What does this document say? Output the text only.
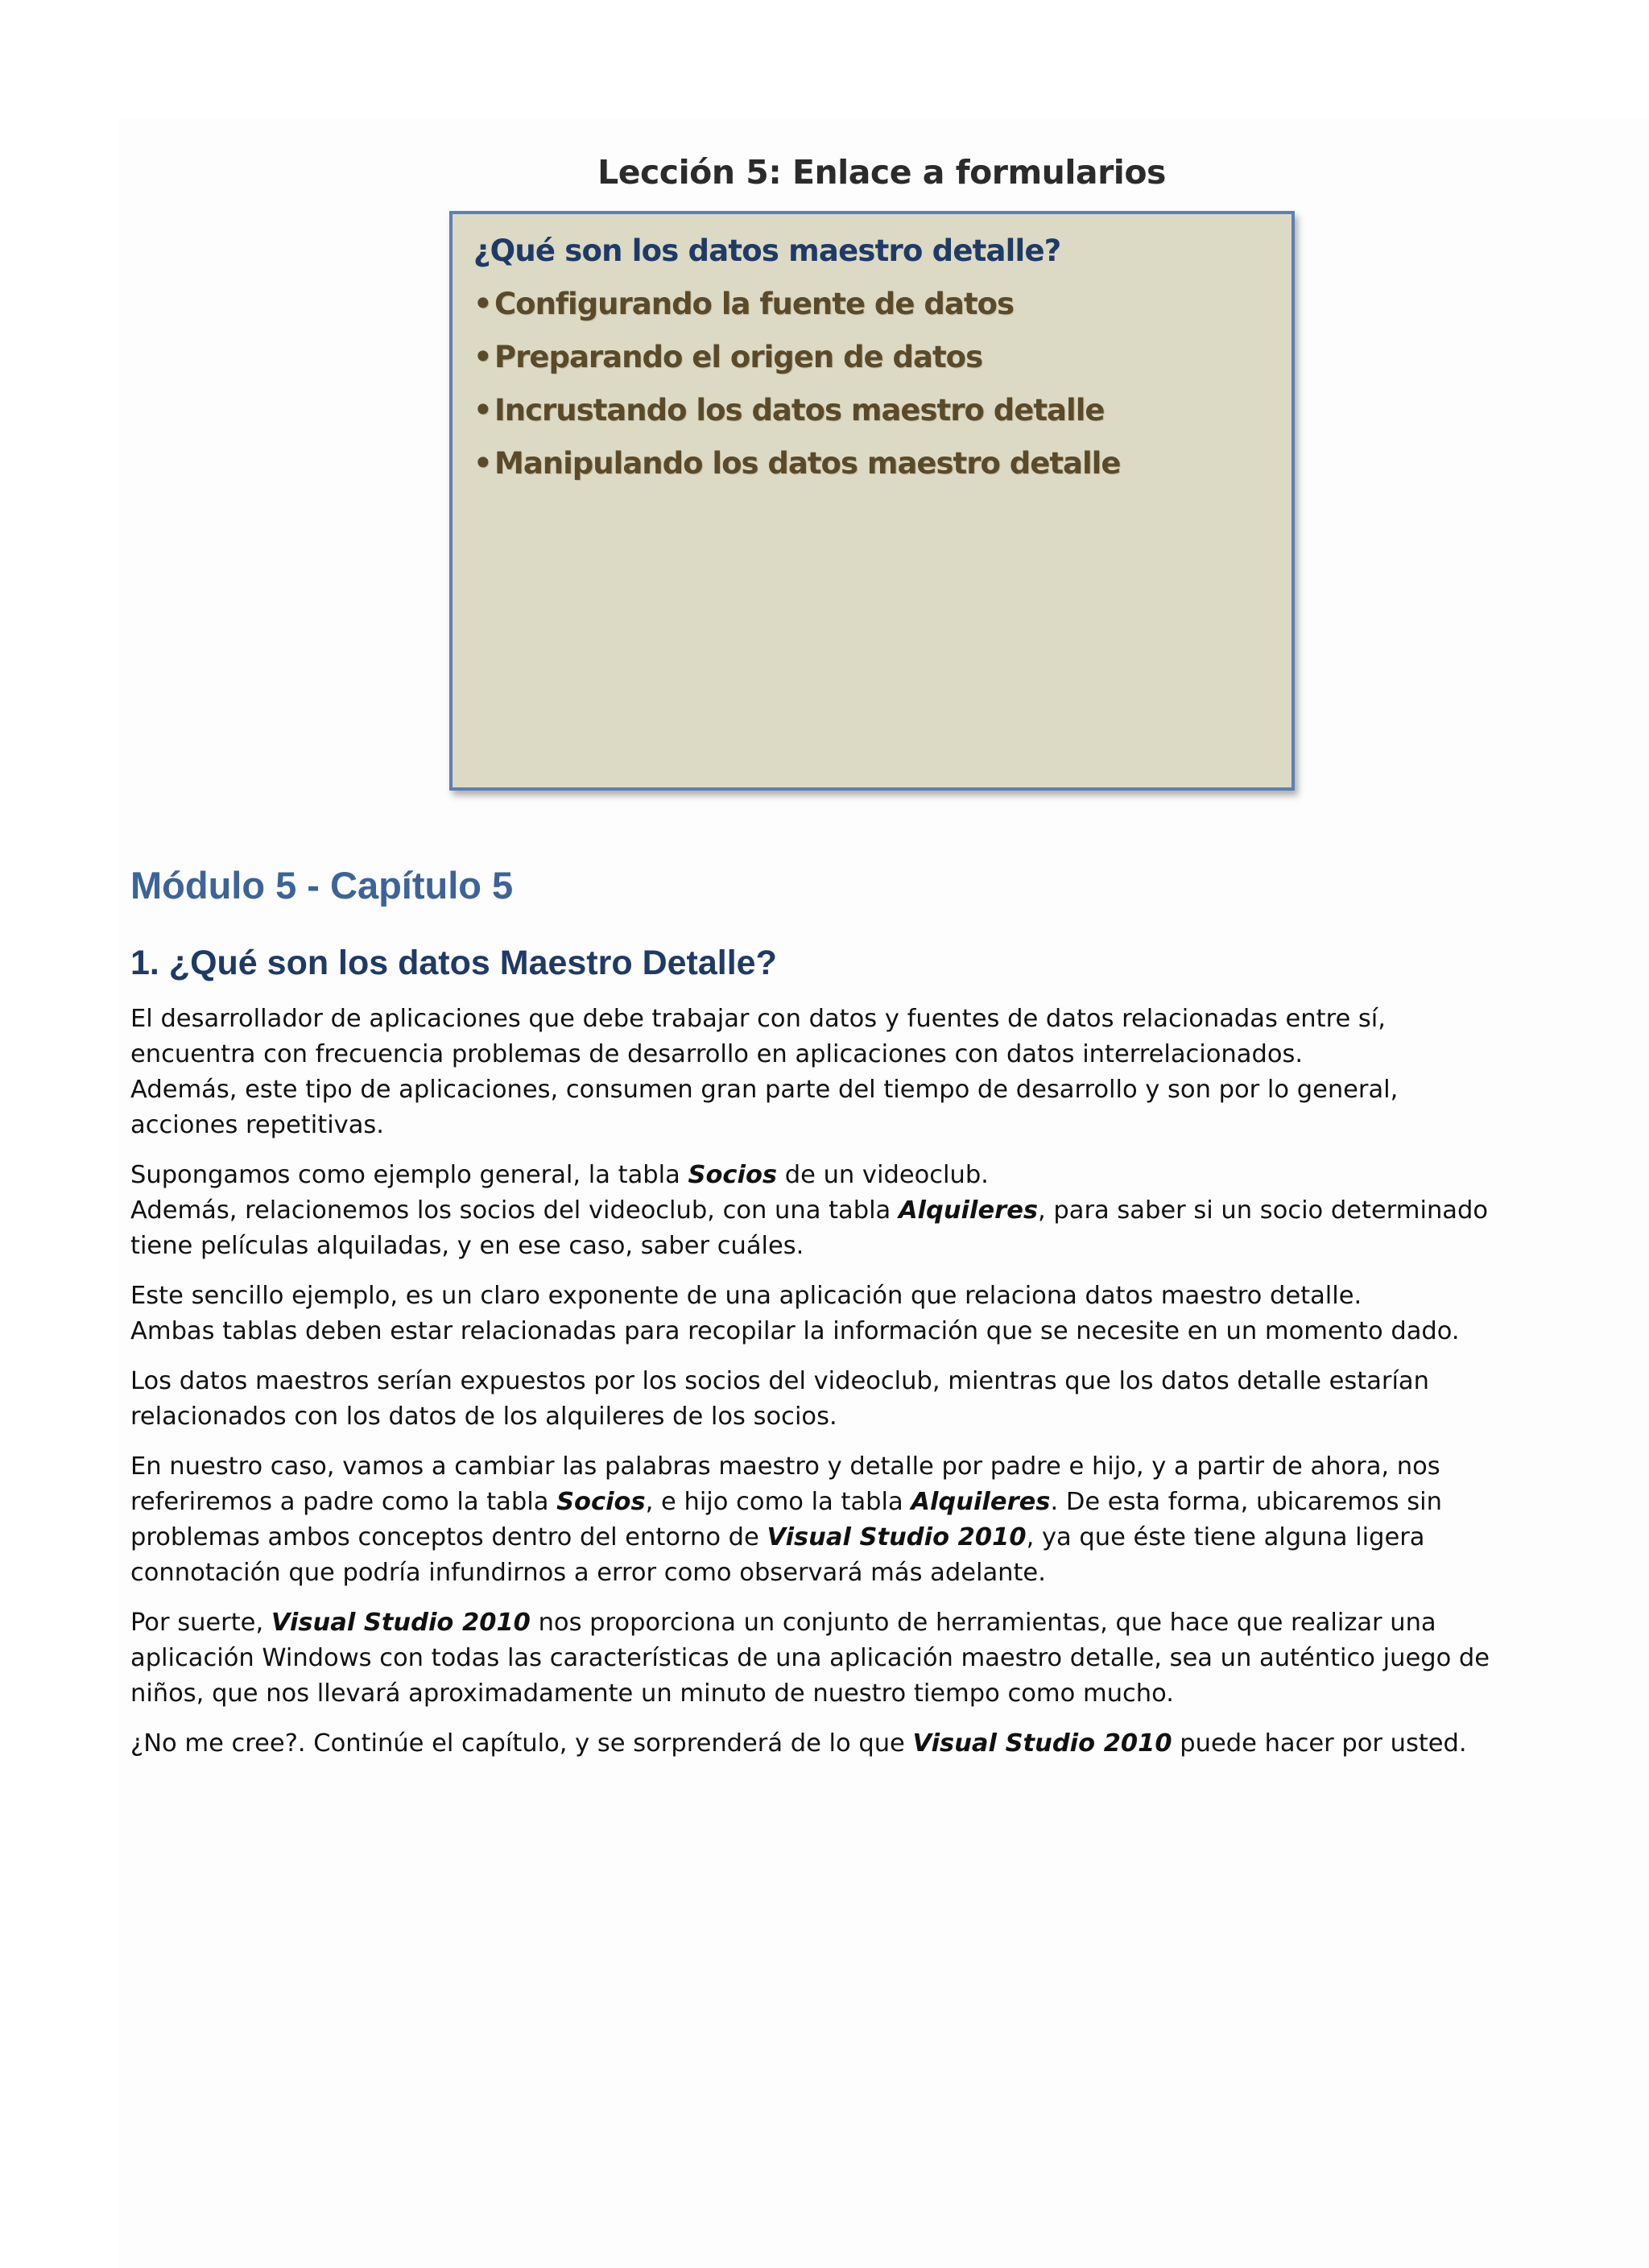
Lección 5: Enlace a formularios
¿Qué son los datos maestro detalle?
•Configurando la fuente de datos
•Preparando el origen de datos
•Incrustando los datos maestro detalle
•Manipulando los datos maestro detalle
Módulo 5 - Capítulo 5
1. ¿Qué son los datos Maestro Detalle?

El desarrollador de aplicaciones que debe trabajar con datos y fuentes de datos relacionadas entre sí,
encuentra con frecuencia problemas de desarrollo en aplicaciones con datos interrelacionados.
Además, este tipo de aplicaciones, consumen gran parte del tiempo de desarrollo y son por lo general,
acciones repetitivas.

Supongamos como ejemplo general, la tabla Socios de un videoclub.
Además, relacionemos los socios del videoclub, con una tabla Alquileres, para saber si un socio determinado
tiene películas alquiladas, y en ese caso, saber cuáles.

Este sencillo ejemplo, es un claro exponente de una aplicación que relaciona datos maestro detalle.
Ambas tablas deben estar relacionadas para recopilar la información que se necesite en un momento dado.

Los datos maestros serían expuestos por los socios del videoclub, mientras que los datos detalle estarían
relacionados con los datos de los alquileres de los socios.

En nuestro caso, vamos a cambiar las palabras maestro y detalle por padre e hijo, y a partir de ahora, nos
referiremos a padre como la tabla Socios, e hijo como la tabla Alquileres. De esta forma, ubicaremos sin
problemas ambos conceptos dentro del entorno de Visual Studio 2010, ya que éste tiene alguna ligera
connotación que podría infundirnos a error como observará más adelante.

Por suerte, Visual Studio 2010 nos proporciona un conjunto de herramientas, que hace que realizar una
aplicación Windows con todas las características de una aplicación maestro detalle, sea un auténtico juego de
niños, que nos llevará aproximadamente un minuto de nuestro tiempo como mucho.

¿No me cree?. Continúe el capítulo, y se sorprenderá de lo que Visual Studio 2010 puede hacer por usted.
